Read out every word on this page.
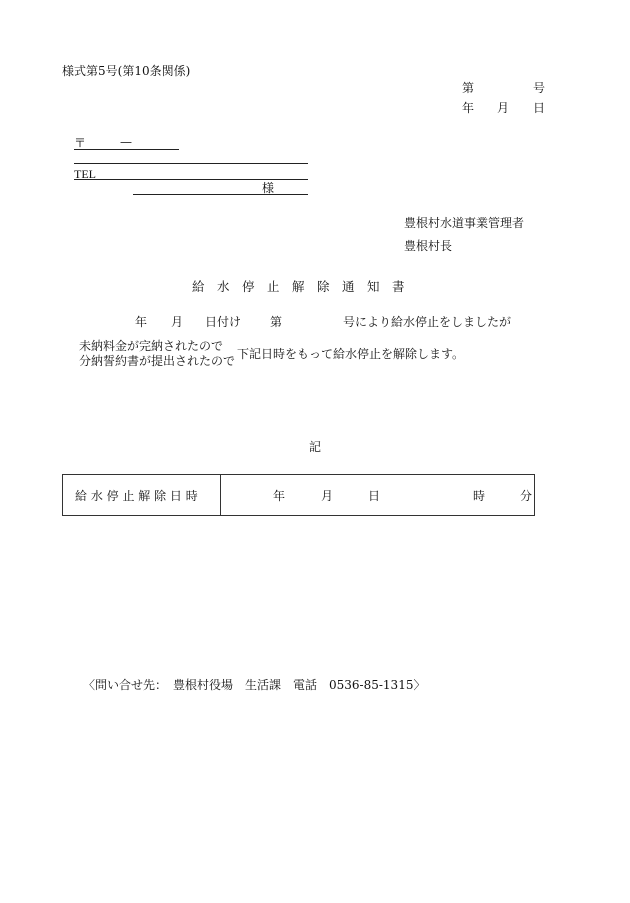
様式第5号(第10条関係)
第	号
年 月 日
〒	—
TEL
様
豊根村水道事業管理者
豊根村長
給　水　停　止　解　除　通　知　書
年 月 日付け 第	号により給水停止をしましたが
未納料金が完納されたので
分納誓約書が提出されたので 下記日時をもって給水停止を解除します。
記
給 水 停 止 解 除 日 時	年	月	日	時	分
〈問い合せ先：　豊根村役場　生活課　電話　0536-85-1315〉
